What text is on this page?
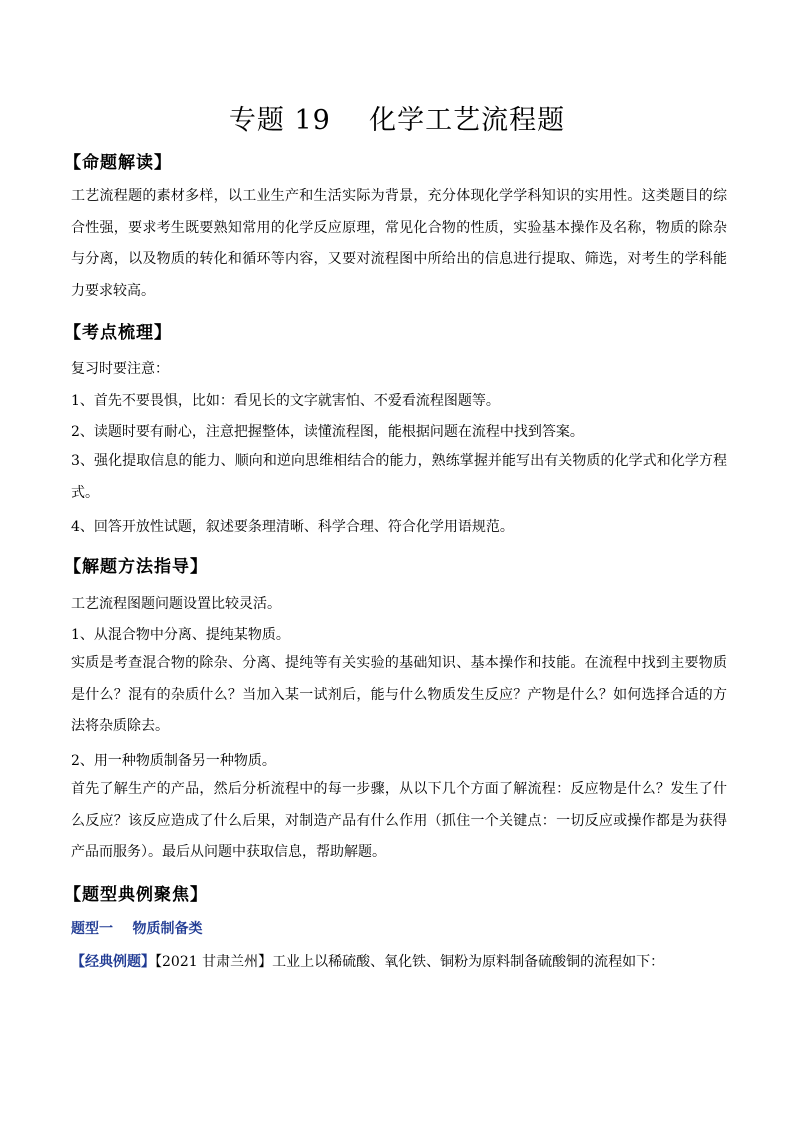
专题 19    化学工艺流程题
【命题解读】
工艺流程题的素材多样，以工业生产和生活实际为背景，充分体现化学学科知识的实用性。这类题目的综合性强，要求考生既要熟知常用的化学反应原理，常见化合物的性质，实验基本操作及名称，物质的除杂与分离，以及物质的转化和循环等内容，又要对流程图中所给出的信息进行提取、筛选，对考生的学科能力要求较高。
【考点梳理】
复习时要注意：
1、首先不要畏惧，比如：看见长的文字就害怕、不爱看流程图题等。
2、读题时要有耐心，注意把握整体，读懂流程图，能根据问题在流程中找到答案。
3、强化提取信息的能力、顺向和逆向思维相结合的能力，熟练掌握并能写出有关物质的化学式和化学方程式。
4、回答开放性试题，叙述要条理清晰、科学合理、符合化学用语规范。
【解题方法指导】
工艺流程图题问题设置比较灵活。
1、从混合物中分离、提纯某物质。
实质是考查混合物的除杂、分离、提纯等有关实验的基础知识、基本操作和技能。在流程中找到主要物质是什么？混有的杂质什么？当加入某一试剂后，能与什么物质发生反应？产物是什么？如何选择合适的方法将杂质除去。
2、用一种物质制备另一种物质。
首先了解生产的产品，然后分析流程中的每一步骤，从以下几个方面了解流程：反应物是什么？发生了什么反应？该反应造成了什么后果，对制造产品有什么作用（抓住一个关键点：一切反应或操作都是为获得产品而服务）。最后从问题中获取信息，帮助解题。
【题型典例聚焦】
题型一    物质制备类
【经典例题】【2021 甘肃兰州】工业上以稀硫酸、氧化铁、铜粉为原料制备硫酸铜的流程如下：
